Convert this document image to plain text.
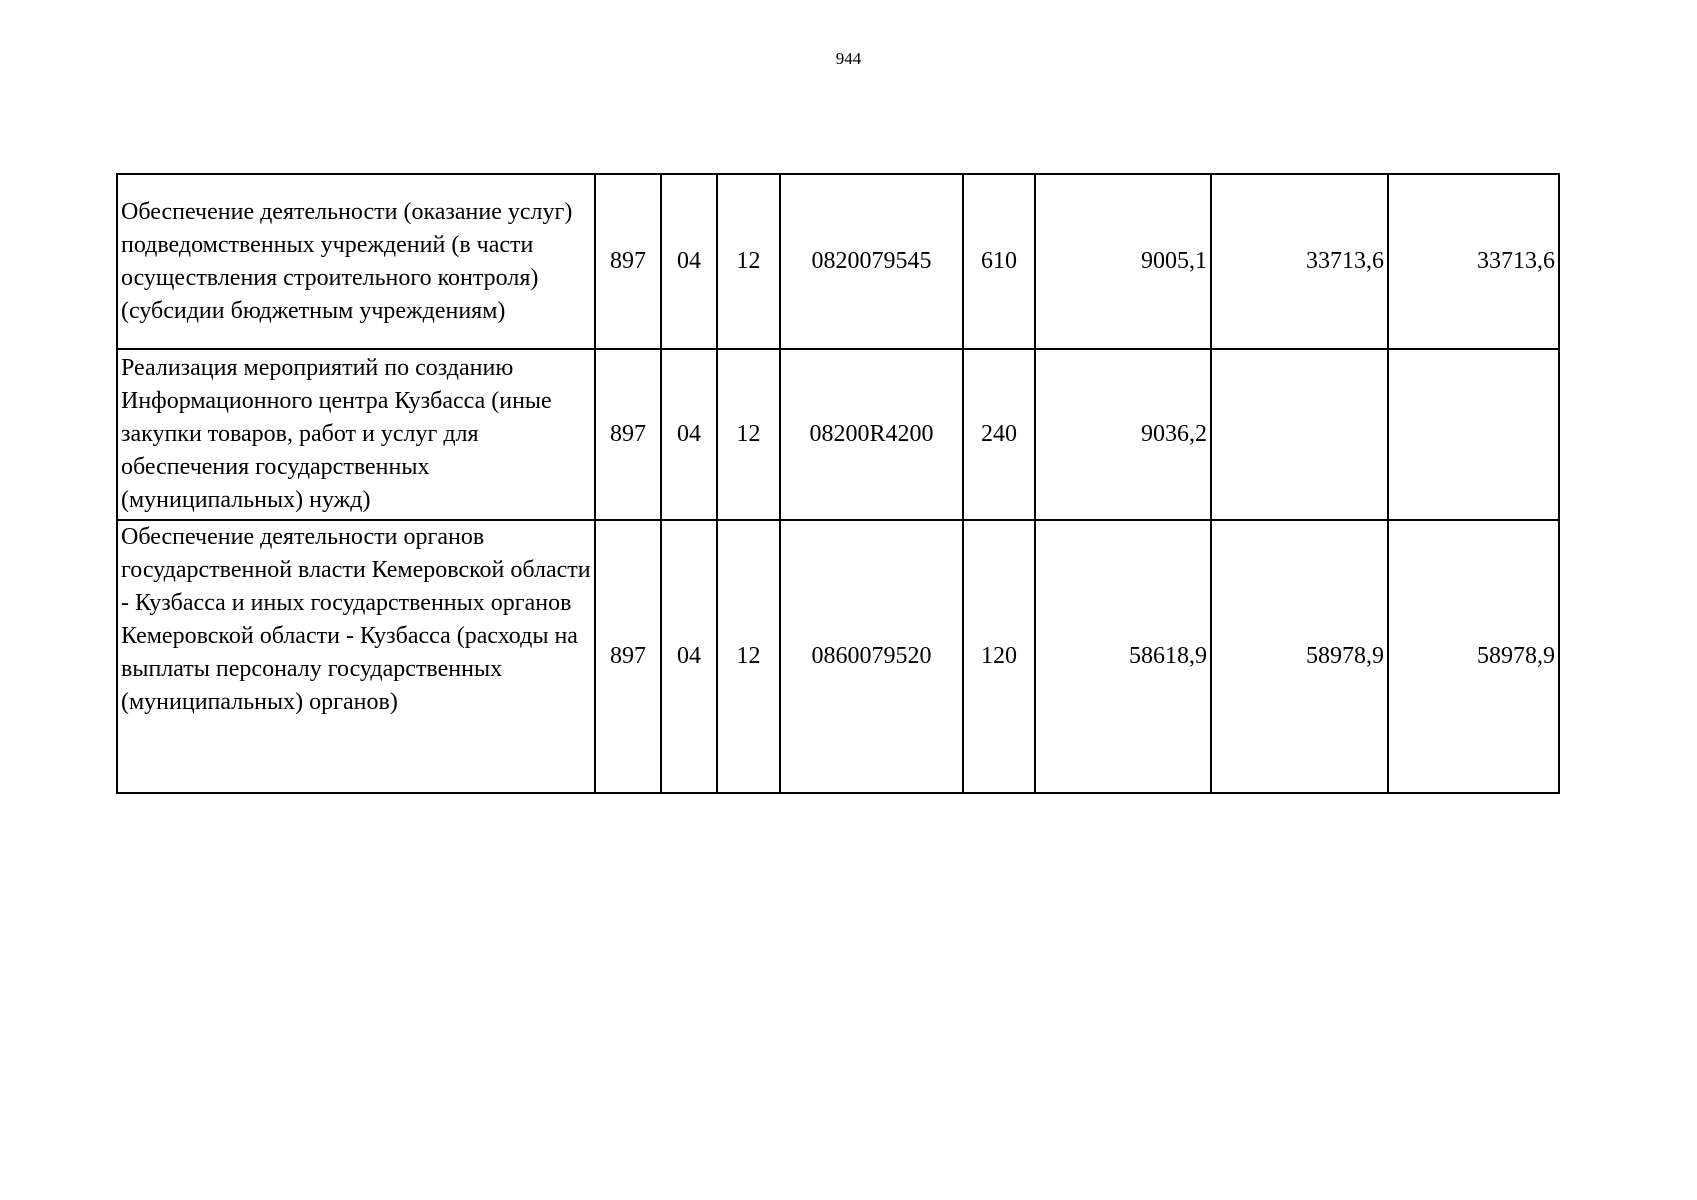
944
Обеспечение деятельности (оказание услуг) подведомственных учреждений (в части осуществления строительного контроля) (субсидии бюджетным учреждениям)	897	04	12	0820079545	610	9005,1	33713,6	33713,6
Реализация мероприятий по созданию Информационного центра Кузбасса (иные закупки товаров, работ и услуг для обеспечения государственных (муниципальных) нужд)	897	04	12	08200R4200	240	9036,2		
Обеспечение деятельности органов государственной власти Кемеровской области - Кузбасса и иных государственных органов Кемеровской области - Кузбасса (расходы на выплаты персоналу государственных (муниципальных) органов)	897	04	12	0860079520	120	58618,9	58978,9	58978,9
